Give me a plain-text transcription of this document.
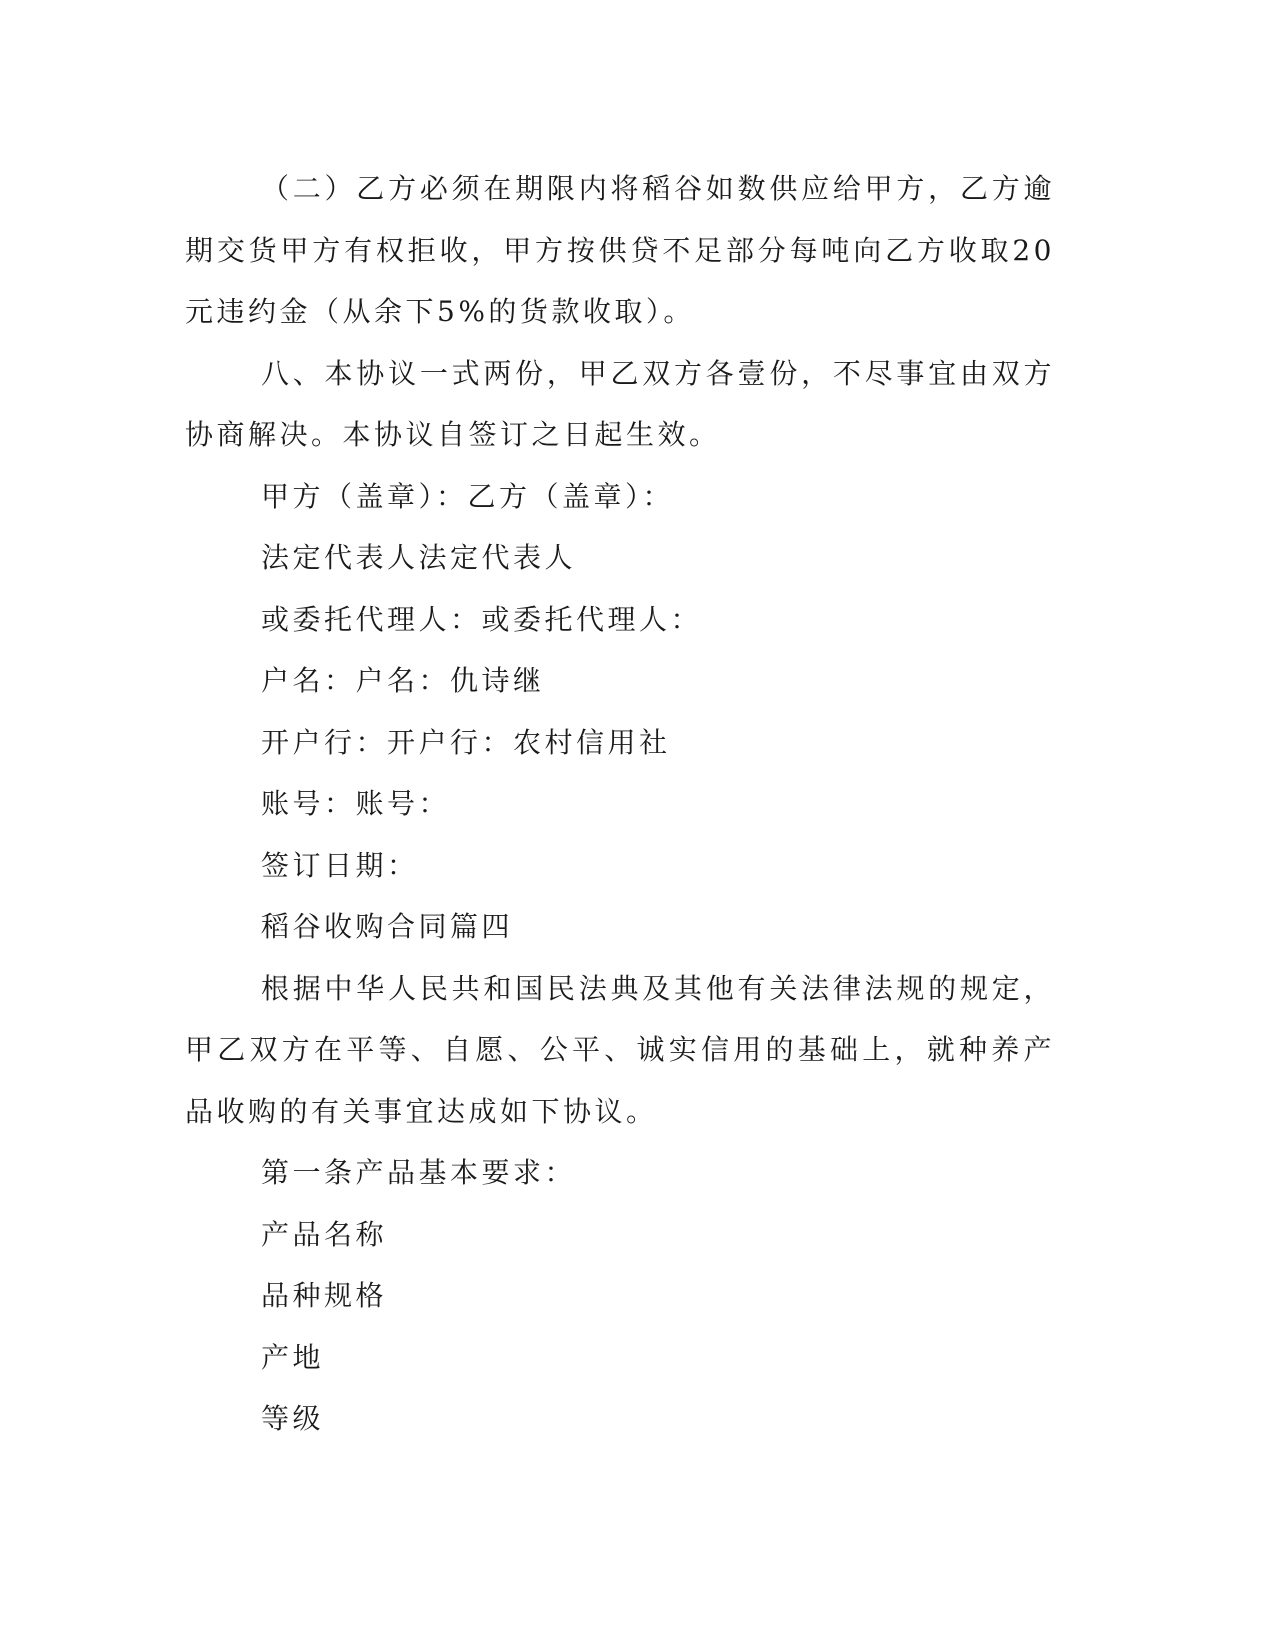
（二）乙方必须在期限内将稻谷如数供应给甲方，乙方逾期交货甲方有权拒收，甲方按供贷不足部分每吨向乙方收取20元违约金（从余下5%的货款收取）。

八、本协议一式两份，甲乙双方各壹份，不尽事宜由双方协商解决。本协议自签订之日起生效。

甲方（盖章）：乙方（盖章）：

法定代表人法定代表人

或委托代理人：或委托代理人：

户名：户名：仇诗继

开户行：开户行：农村信用社

账号：账号：

签订日期：

稻谷收购合同篇四

根据中华人民共和国民法典及其他有关法律法规的规定，甲乙双方在平等、自愿、公平、诚实信用的基础上，就种养产品收购的有关事宜达成如下协议。

第一条产品基本要求：

产品名称

品种规格

产地

等级
